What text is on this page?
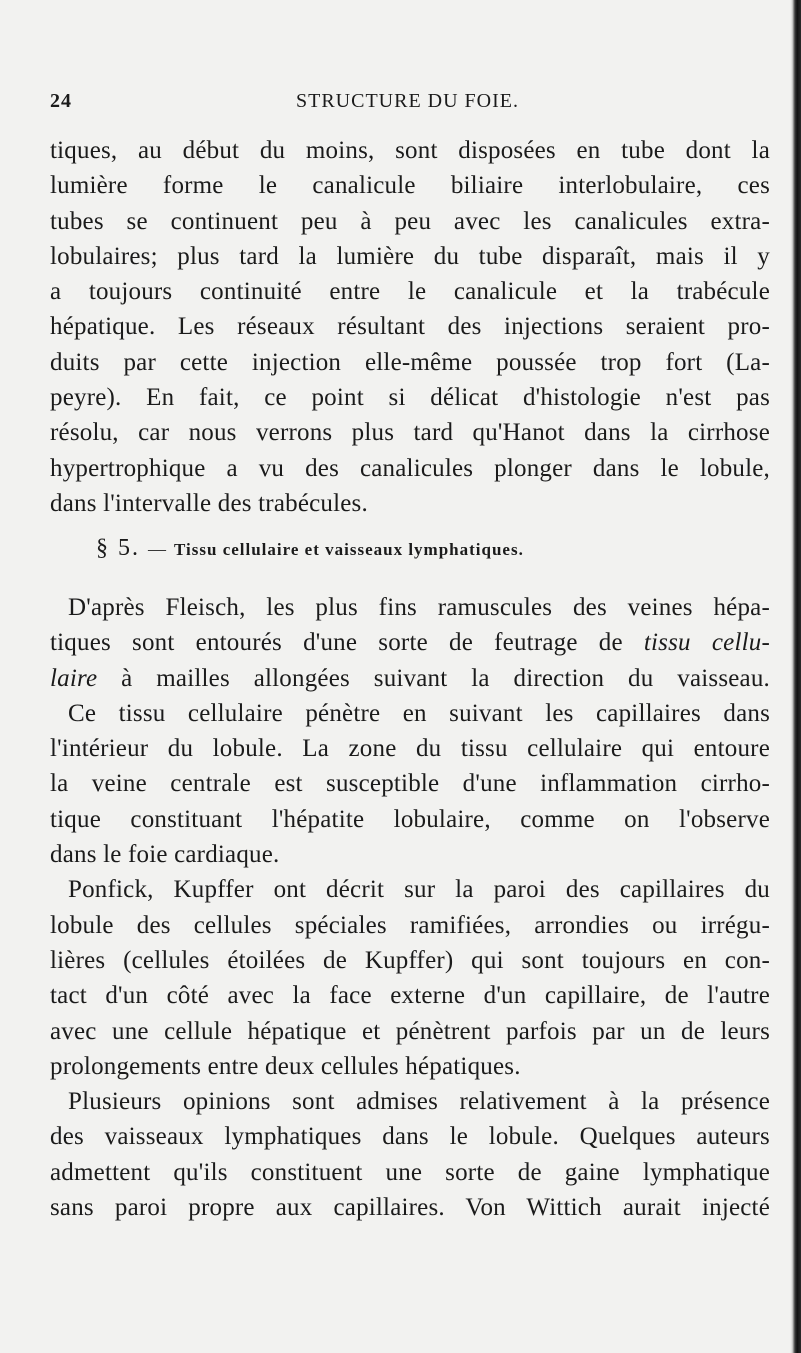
24	STRUCTURE DU FOIE.
tiques, au début du moins, sont disposées en tube dont la
lumière forme le canalicule biliaire interlobulaire, ces
tubes se continuent peu à peu avec les canalicules extra-
lobulaires; plus tard la lumière du tube disparaît, mais il y
a toujours continuité entre le canalicule et la trabécule
hépatique. Les réseaux résultant des injections seraient pro-
duits par cette injection elle-même poussée trop fort (La-
peyre). En fait, ce point si délicat d'histologie n'est pas
résolu, car nous verrons plus tard qu'Hanot dans la cirrhose
hypertrophique a vu des canalicules plonger dans le lobule,
dans l'intervalle des trabécules.
§ 5. — Tissu cellulaire et vaisseaux lymphatiques.
D'après Fleisch, les plus fins ramuscules des veines hépa-
tiques sont entourés d'une sorte de feutrage de tissu cellu-
laire à mailles allongées suivant la direction du vaisseau.
Ce tissu cellulaire pénètre en suivant les capillaires dans
l'intérieur du lobule. La zone du tissu cellulaire qui entoure
la veine centrale est susceptible d'une inflammation cirrho-
tique constituant l'hépatite lobulaire, comme on l'observe
dans le foie cardiaque.
Ponfick, Kupffer ont décrit sur la paroi des capillaires du
lobule des cellules spéciales ramifiées, arrondies ou irrégu-
lières (cellules étoilées de Kupffer) qui sont toujours en con-
tact d'un côté avec la face externe d'un capillaire, de l'autre
avec une cellule hépatique et pénètrent parfois par un de leurs
prolongements entre deux cellules hépatiques.
Plusieurs opinions sont admises relativement à la présence
des vaisseaux lymphatiques dans le lobule. Quelques auteurs
admettent qu'ils constituent une sorte de gaine lymphatique
sans paroi propre aux capillaires. Von Wittich aurait injecté
